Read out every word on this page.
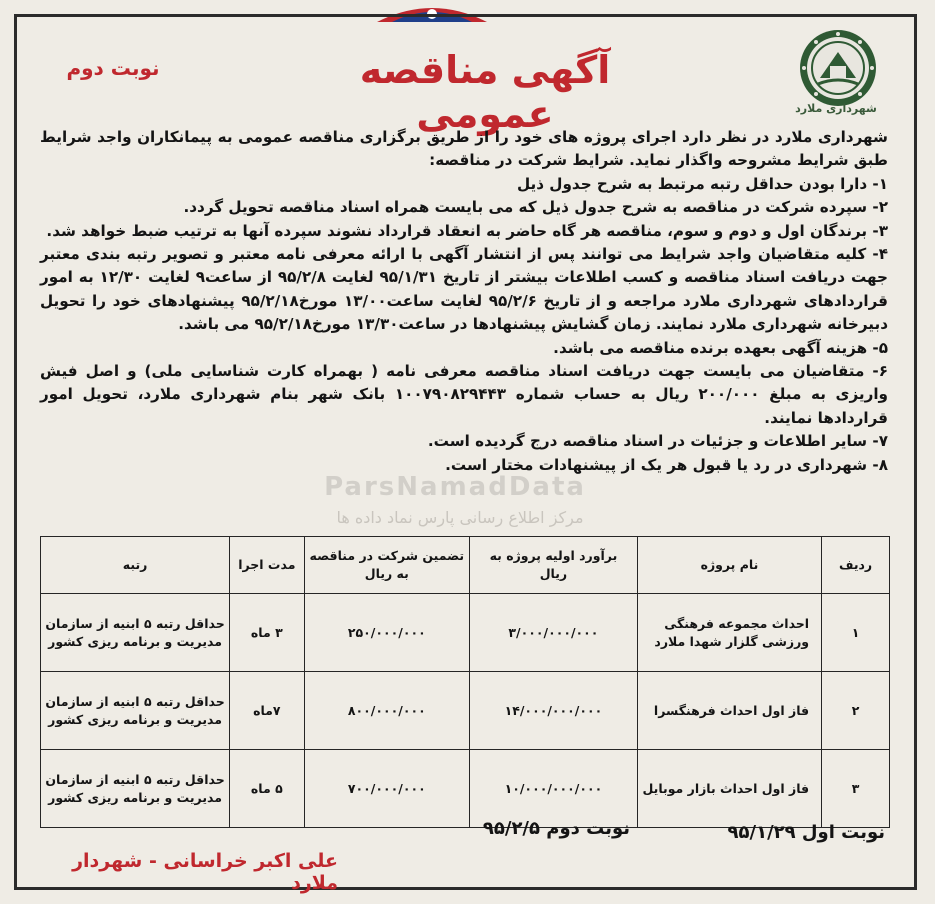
شهرداری ملارد
آگهی مناقصه عمومی
نوبت دوم

شهرداری ملارد در نظر دارد اجرای پروژه های خود را از طریق برگزاری مناقصه عمومی به پیمانکاران واجد شرایط طبق شرایط مشروحه واگذار نماید. شرایط شرکت در مناقصه:

۱- دارا بودن حداقل رتبه مرتبط به شرح جدول ذیل

۲- سپرده شرکت در مناقصه به شرح جدول ذیل که می بایست همراه اسناد مناقصه تحویل گردد.

۳- برندگان اول و دوم و سوم، مناقصه هر گاه حاضر به انعقاد قرارداد نشوند سپرده آنها به ترتیب ضبط خواهد شد.

۴- کلیه متقاضیان واجد شرایط می توانند پس از انتشار آگهی با ارائه معرفی نامه معتبر و تصویر رتبه بندی معتبر جهت دریافت اسناد مناقصه و کسب اطلاعات بیشتر از تاریخ ۹۵/۱/۳۱ لغایت ۹۵/۲/۸ از ساعت۹ لغایت ۱۲/۳۰ به امور قراردادهای شهرداری ملارد مراجعه و از تاریخ ۹۵/۲/۶ لغایت ساعت۱۳/۰۰ مورخ۹۵/۲/۱۸ پیشنهادهای خود را تحویل دبیرخانه شهرداری ملارد نمایند. زمان گشایش پیشنهادها در ساعت۱۳/۳۰ مورخ۹۵/۲/۱۸ می باشد.

۵- هزینه آگهی بعهده برنده مناقصه می باشد.

۶- متقاضیان می بایست جهت دریافت اسناد مناقصه معرفی نامه ( بهمراه کارت شناسایی ملی) و اصل فیش واریزی به مبلغ ۲۰۰/۰۰۰ ریال به حساب شماره ۱۰۰۷۹۰۸۲۹۴۴۳ بانک شهر بنام شهرداری ملارد، تحویل امور قراردادها نمایند.

۷- سایر اطلاعات و جزئیات در اسناد مناقصه درج گردیده است.

۸- شهرداری در رد یا قبول هر یک از پیشنهادات مختار است.

ParsNamadData
مرکز اطلاع رسانی پارس نماد داده ها
ردیف	نام پروژه	برآورد اولیه پروژه به ریال	تضمین شرکت در مناقصه به ریال	مدت اجرا	رتبه
۱	احداث مجموعه فرهنگی ورزشی گلزار شهدا ملارد	۳/۰۰۰/۰۰۰/۰۰۰	۲۵۰/۰۰۰/۰۰۰	۳ ماه	حداقل رتبه ۵ ابنیه از سازمان مدیریت و برنامه ریزی کشور
۲	فاز اول احداث فرهنگسرا	۱۴/۰۰۰/۰۰۰/۰۰۰	۸۰۰/۰۰۰/۰۰۰	۷ماه	حداقل رتبه ۵ ابنیه از سازمان مدیریت و برنامه ریزی کشور
۳	فاز اول احداث بازار موبایل	۱۰/۰۰۰/۰۰۰/۰۰۰	۷۰۰/۰۰۰/۰۰۰	۵ ماه	حداقل رتبه ۵ ابنیه از سازمان مدیریت و برنامه ریزی کشور
نوبت اول ۹۵/۱/۲۹
نوبت دوم ۹۵/۲/۵
علی اکبر خراسانی - شهردار ملارد
